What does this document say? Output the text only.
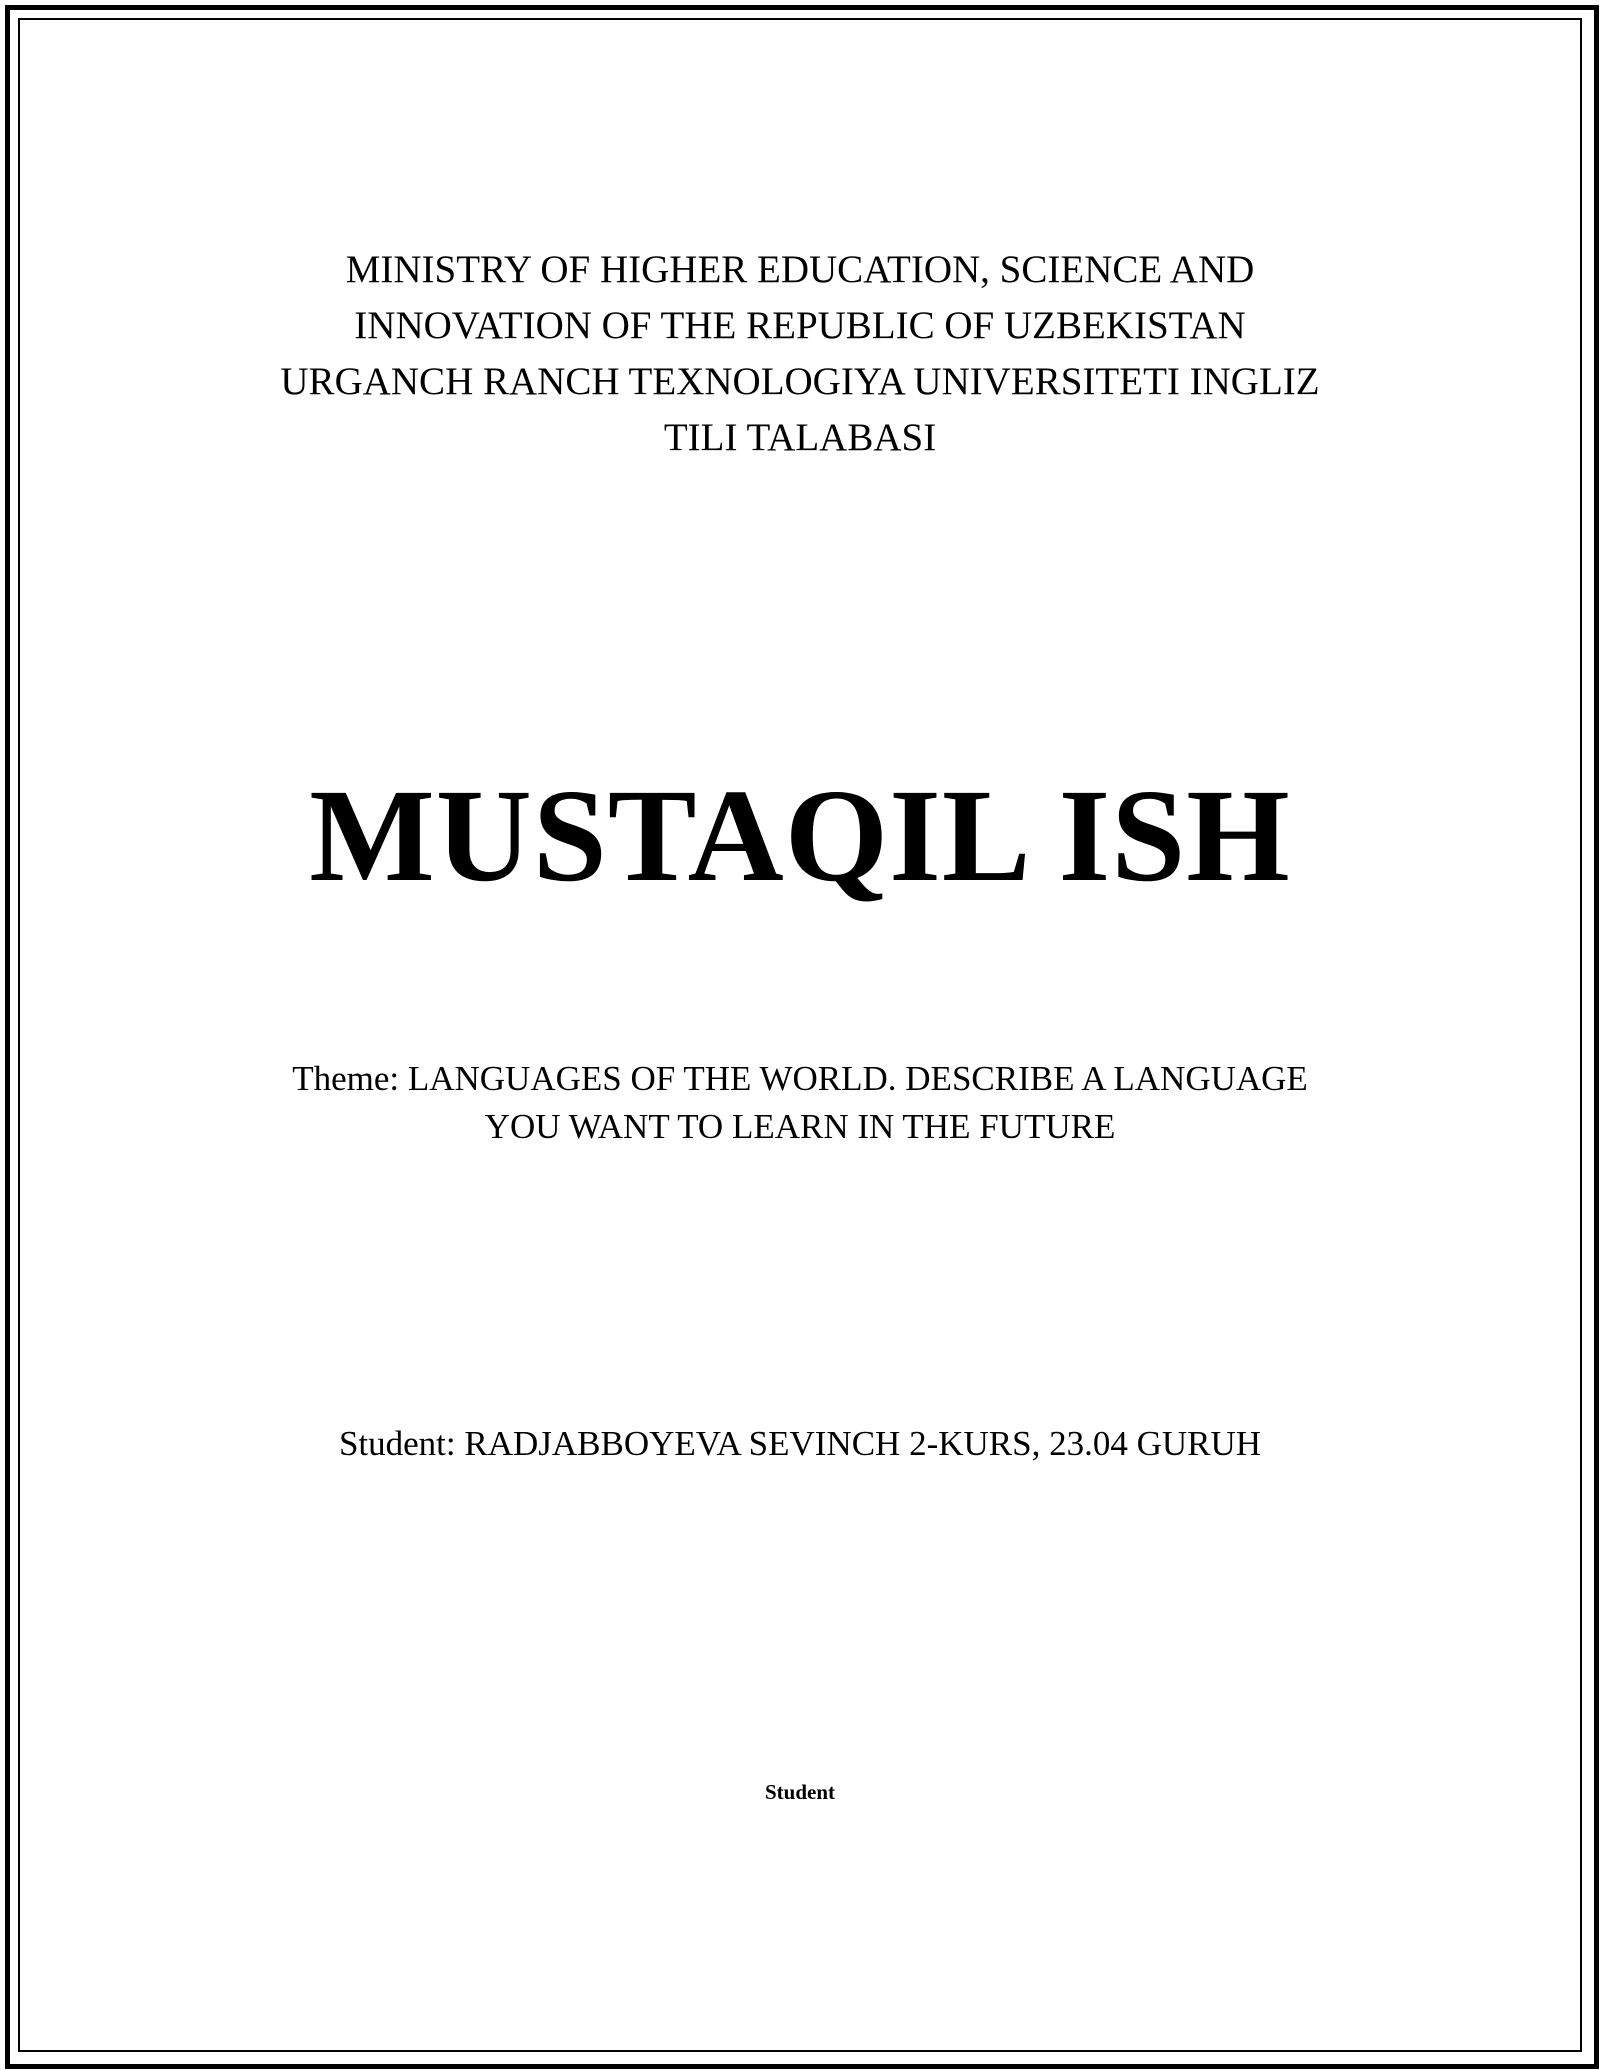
MINISTRY OF HIGHER EDUCATION, SCIENCE AND
INNOVATION OF THE REPUBLIC OF UZBEKISTAN
URGANCH RANCH TEXNOLOGIYA UNIVERSITETI INGLIZ
TILI TALABASI
MUSTAQIL ISH
Theme: LANGUAGES OF THE WORLD. DESCRIBE A LANGUAGE
YOU WANT TO LEARN IN THE FUTURE
Student: RADJABBOYEVA SEVINCH 2-KURS, 23.04 GURUH
Student
